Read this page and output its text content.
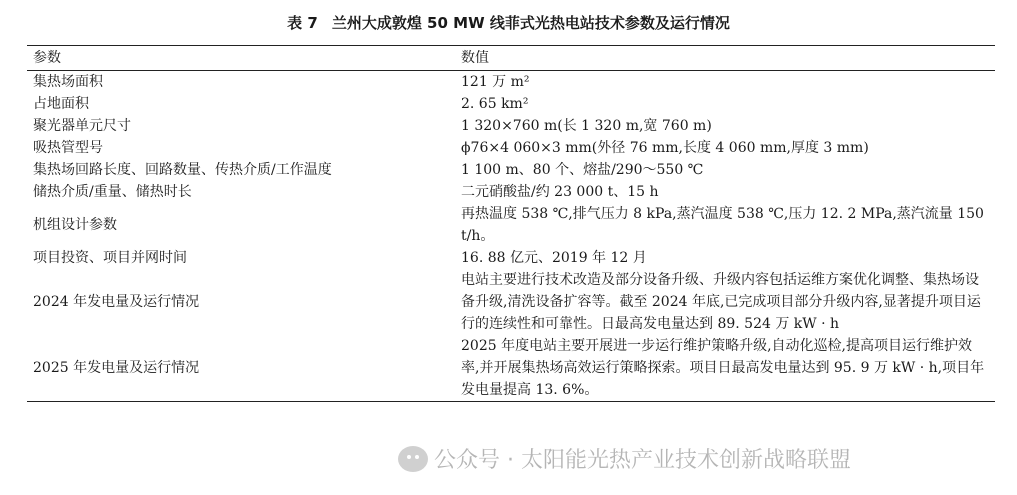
表 7 兰州大成敦煌 50 MW 线菲式光热电站技术参数及运行情况
参数	数值
集热场面积	121 万 m²
占地面积	2. 65 km²
聚光器单元尺寸	1 320×760 m(长 1 320 m,宽 760 m)
吸热管型号	ϕ76×4 060×3 mm(外径 76 mm,长度 4 060 mm,厚度 3 mm)
集热场回路长度、回路数量、传热介质/工作温度	1 100 m、80 个、熔盐/290～550 ℃
储热介质/重量、储热时长	二元硝酸盐/约 23 000 t、15 h
机组设计参数	再热温度 538 ℃,排气压力 8 kPa,蒸汽温度 538 ℃,压力 12. 2 MPa,蒸汽流量 150 t/h。
项目投资、项目并网时间	16. 88 亿元、2019 年 12 月
2024 年发电量及运行情况	电站主要进行技术改造及部分设备升级、升级内容包括运维方案优化调整、集热场设备升级,清洗设备扩容等。截至 2024 年底,已完成项目部分升级内容,显著提升项目运行的连续性和可靠性。日最高发电量达到 89. 524 万 kW · h
2025 年发电量及运行情况	2025 年度电站主要开展进一步运行维护策略升级,自动化巡检,提高项目运行维护效率,并开展集热场高效运行策略探索。项目日最高发电量达到 95. 9 万 kW · h,项目年发电量提高 13. 6%。
公众号 · 太阳能光热产业技术创新战略联盟
